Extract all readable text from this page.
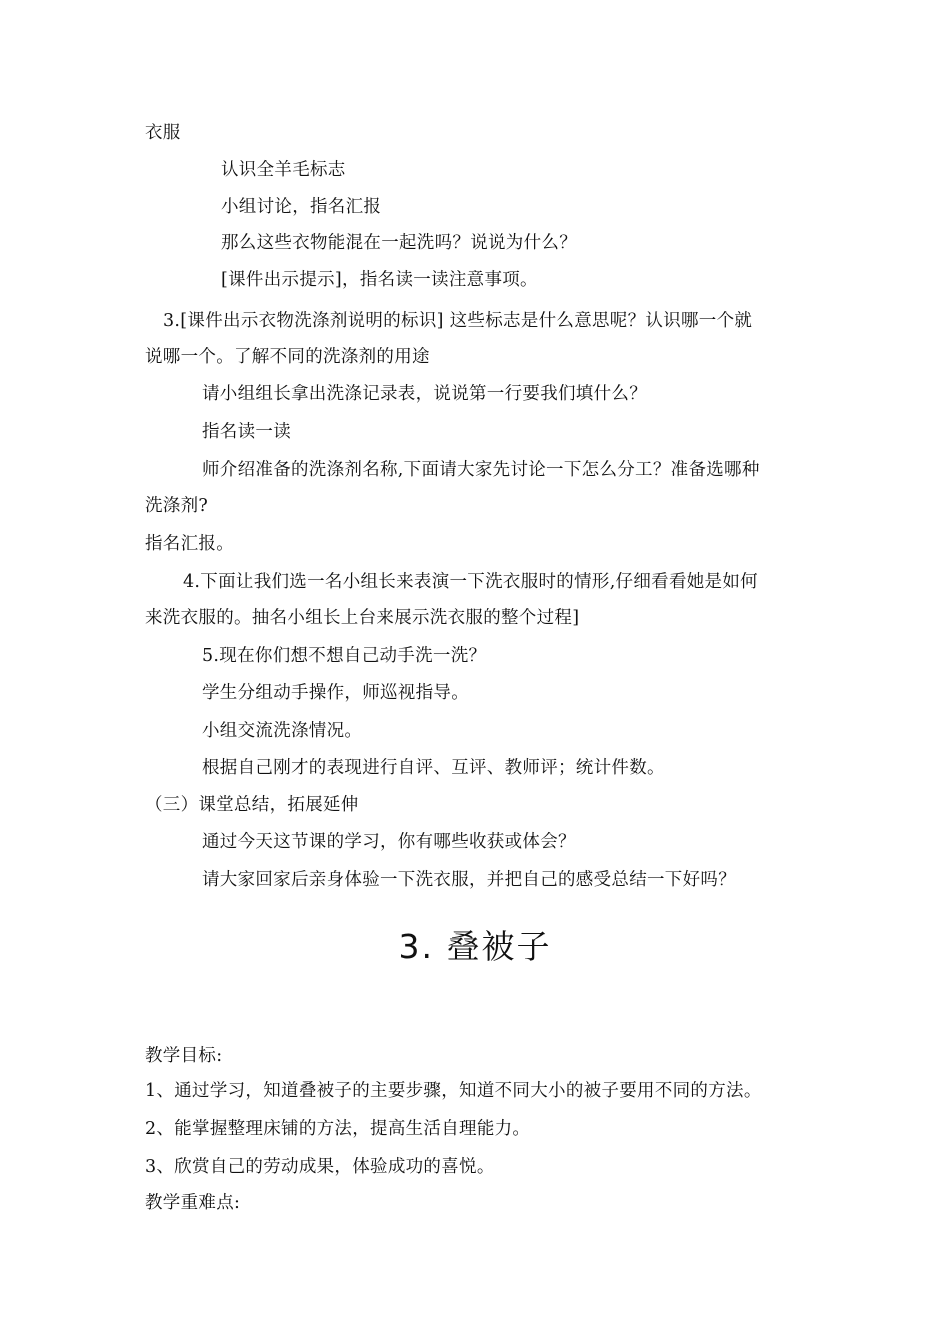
衣服
认识全羊毛标志
小组讨论，指名汇报
那么这些衣物能混在一起洗吗？说说为什么？
[课件出示提示]，指名读一读注意事项。
3.[课件出示衣物洗涤剂说明的标识] 这些标志是什么意思呢？认识哪一个就
说哪一个。了解不同的洗涤剂的用途
请小组组长拿出洗涤记录表，说说第一行要我们填什么？
指名读一读
师介绍准备的洗涤剂名称,下面请大家先讨论一下怎么分工？准备选哪种
洗涤剂?
指名汇报。
4.下面让我们选一名小组长来表演一下洗衣服时的情形,仔细看看她是如何
来洗衣服的。抽名小组长上台来展示洗衣服的整个过程]
5.现在你们想不想自己动手洗一洗？
学生分组动手操作，师巡视指导。
小组交流洗涤情况。
根据自己刚才的表现进行自评、互评、教师评；统计件数。
（三）课堂总结，拓展延伸
通过今天这节课的学习，你有哪些收获或体会？
请大家回家后亲身体验一下洗衣服，并把自己的感受总结一下好吗？
3. 叠被子
教学目标:
1、通过学习，知道叠被子的主要步骤，知道不同大小的被子要用不同的方法。
2、能掌握整理床铺的方法，提高生活自理能力。
3、欣赏自己的劳动成果，体验成功的喜悦。
教学重难点:
